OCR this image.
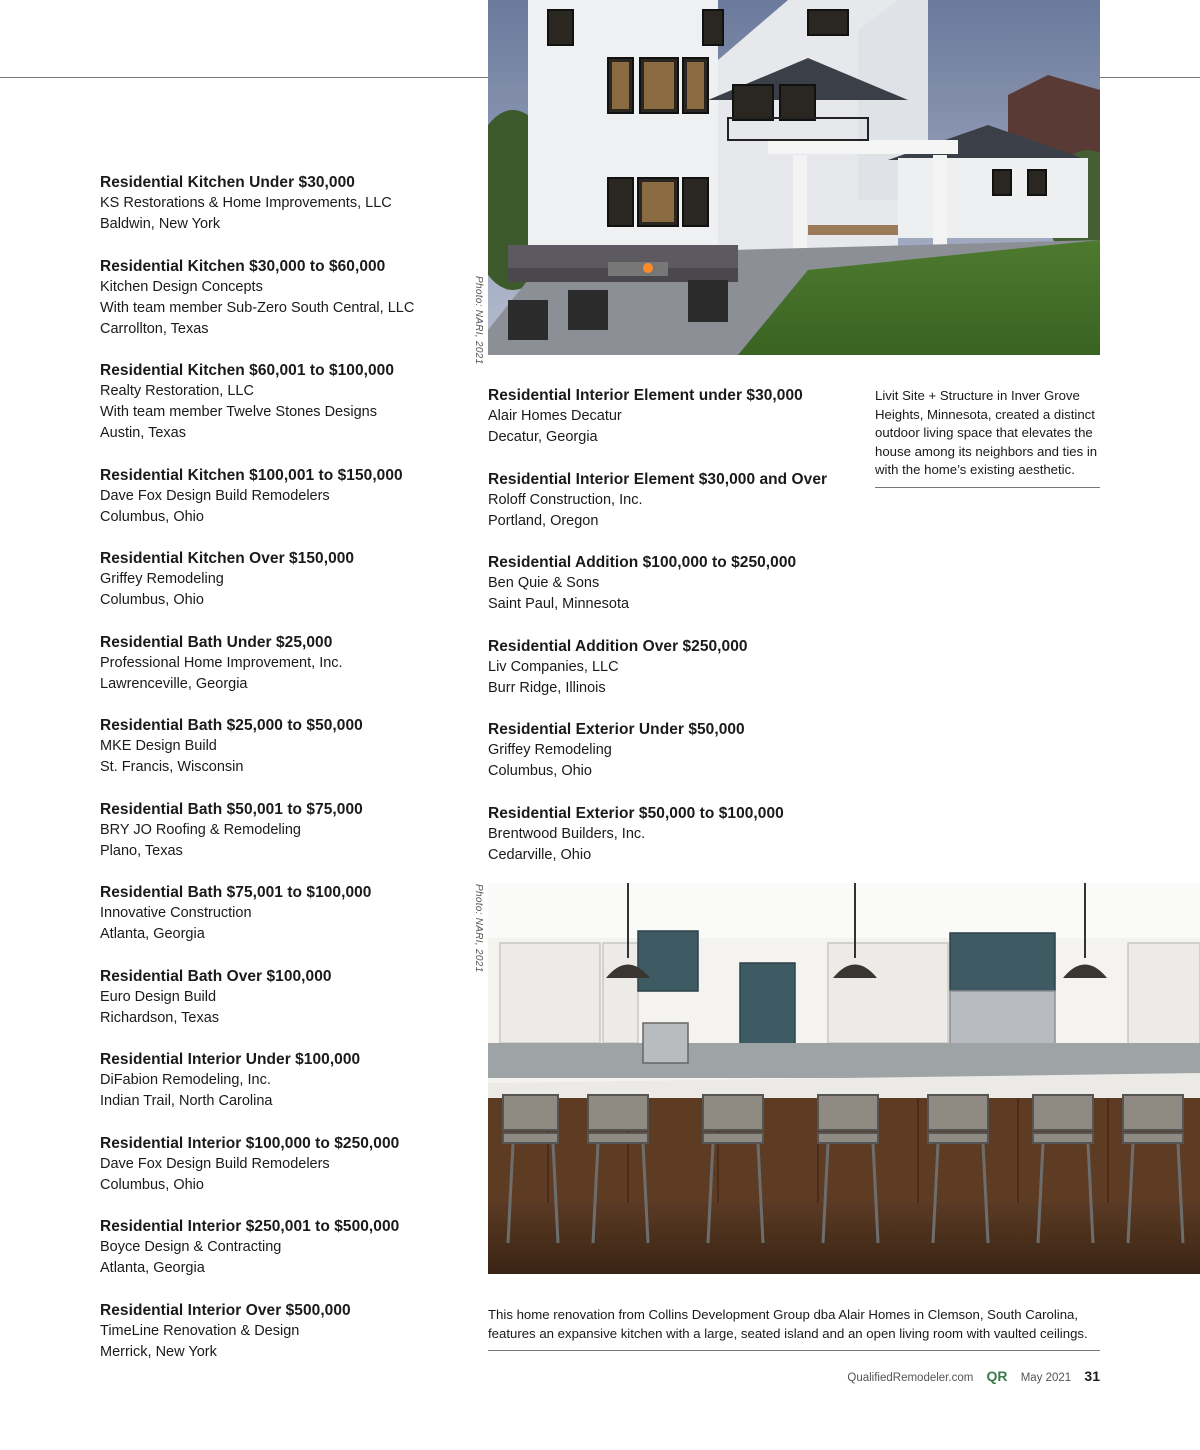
Photo: NARI, 2021
Residential Kitchen Under $30,000
KS Restorations & Home Improvements, LLC
Baldwin, New York
Residential Kitchen $30,000 to $60,000
Kitchen Design Concepts
With team member Sub-Zero South Central, LLC
Carrollton, Texas
Residential Kitchen $60,001 to $100,000
Realty Restoration, LLC
With team member Twelve Stones Designs
Austin, Texas
Residential Kitchen $100,001 to $150,000
Dave Fox Design Build Remodelers
Columbus, Ohio
Residential Kitchen Over $150,000
Griffey Remodeling
Columbus, Ohio
Residential Bath Under $25,000
Professional Home Improvement, Inc.
Lawrenceville, Georgia
Residential Bath $25,000 to $50,000
MKE Design Build
St. Francis, Wisconsin
Residential Bath $50,001 to $75,000
BRY JO Roofing & Remodeling
Plano, Texas
Residential Bath $75,001 to $100,000
Innovative Construction
Atlanta, Georgia
Residential Bath Over $100,000
Euro Design Build
Richardson, Texas
Residential Interior Under $100,000
DiFabion Remodeling, Inc.
Indian Trail, North Carolina
Residential Interior $100,000 to $250,000
Dave Fox Design Build Remodelers
Columbus, Ohio
Residential Interior $250,001 to $500,000
Boyce Design & Contracting
Atlanta, Georgia
Residential Interior Over $500,000
TimeLine Renovation & Design
Merrick, New York
Residential Interior Element under $30,000
Alair Homes Decatur
Decatur, Georgia
Residential Interior Element $30,000 and Over
Roloff Construction, Inc.
Portland, Oregon
Residential Addition $100,000 to $250,000
Ben Quie & Sons
Saint Paul, Minnesota
Residential Addition Over $250,000
Liv Companies, LLC
Burr Ridge, Illinois
Residential Exterior Under $50,000
Griffey Remodeling
Columbus, Ohio
Residential Exterior $50,000 to $100,000
Brentwood Builders, Inc.
Cedarville, Ohio
Livit Site + Structure in Inver Grove Heights, Minnesota, created a distinct outdoor living space that elevates the house among its neighbors and ties in with the home’s existing aesthetic.
Photo: NARI, 2021
This home renovation from Collins Development Group dba Alair Homes in Clemson, South Carolina, features an expansive kitchen with a large, seated island and an open living room with vaulted ceilings.
QualifiedRemodeler.com QR May 2021 31
